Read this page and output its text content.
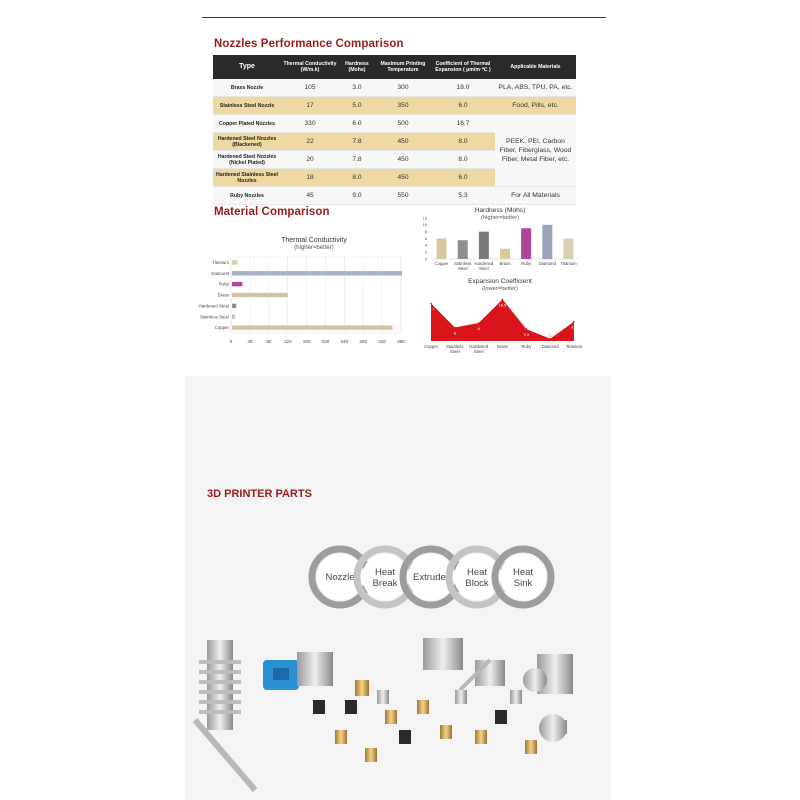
Nozzles Performance Comparison
Type	Thermal Conductivity (W/m.k)	Hardness (Mohs)	Maximum Printing Temperature	Coefficient of Thermal Expansion ( μm/m·℃ )	Applicable Materials
Brass Nozzle	105	3.0	300	18.0	PLA, ABS, TPU, PA, etc.
Stainless Steel Nozzle	17	5.0	350	6.0	Food, Pills, etc.
Copper Plated Nozzles	330	6.0	500	16.7	PEEK, PEI, Carbon Fiber, Fiberglass, Wood Fiber, Metal Fiber, etc.
Hardened Steel Nozzles (Blackened)	22	7.8	450	8.0	
Hardened Steel Nozzles (Nickel Plated)	20	7.8	450	8.0	
Hardened Stainless Steel Nozzles	18	8.0	450	6.0	
Ruby Nozzles	45	9.0	550	5.3	For All Materials
Material Comparison
Thermal Conductivity
(higher=better)
0	40	80	120 160 200 240 280 320 360
Titanium
Diamond
Ruby
Brass
Hardened Steel
Stainless Steel
Copper
Hardness (Mohs)
(higher=better)
0
2
4
6
8
10
12
Copper Stainless
Steel
Hardened
Steel
Brass Ruby Diamond Titanium
Expansion Coefficient
(lower=better)
16.7
Copper
6
Stainless
Steel
8
Hardened
Steel
18.5
Brass
5.3
Ruby
1
Diamond
8.6
Titanium
3D PRINTER PARTS
Nozzle Heat
Break
Extruder Heat
Block
Heat
Sink
